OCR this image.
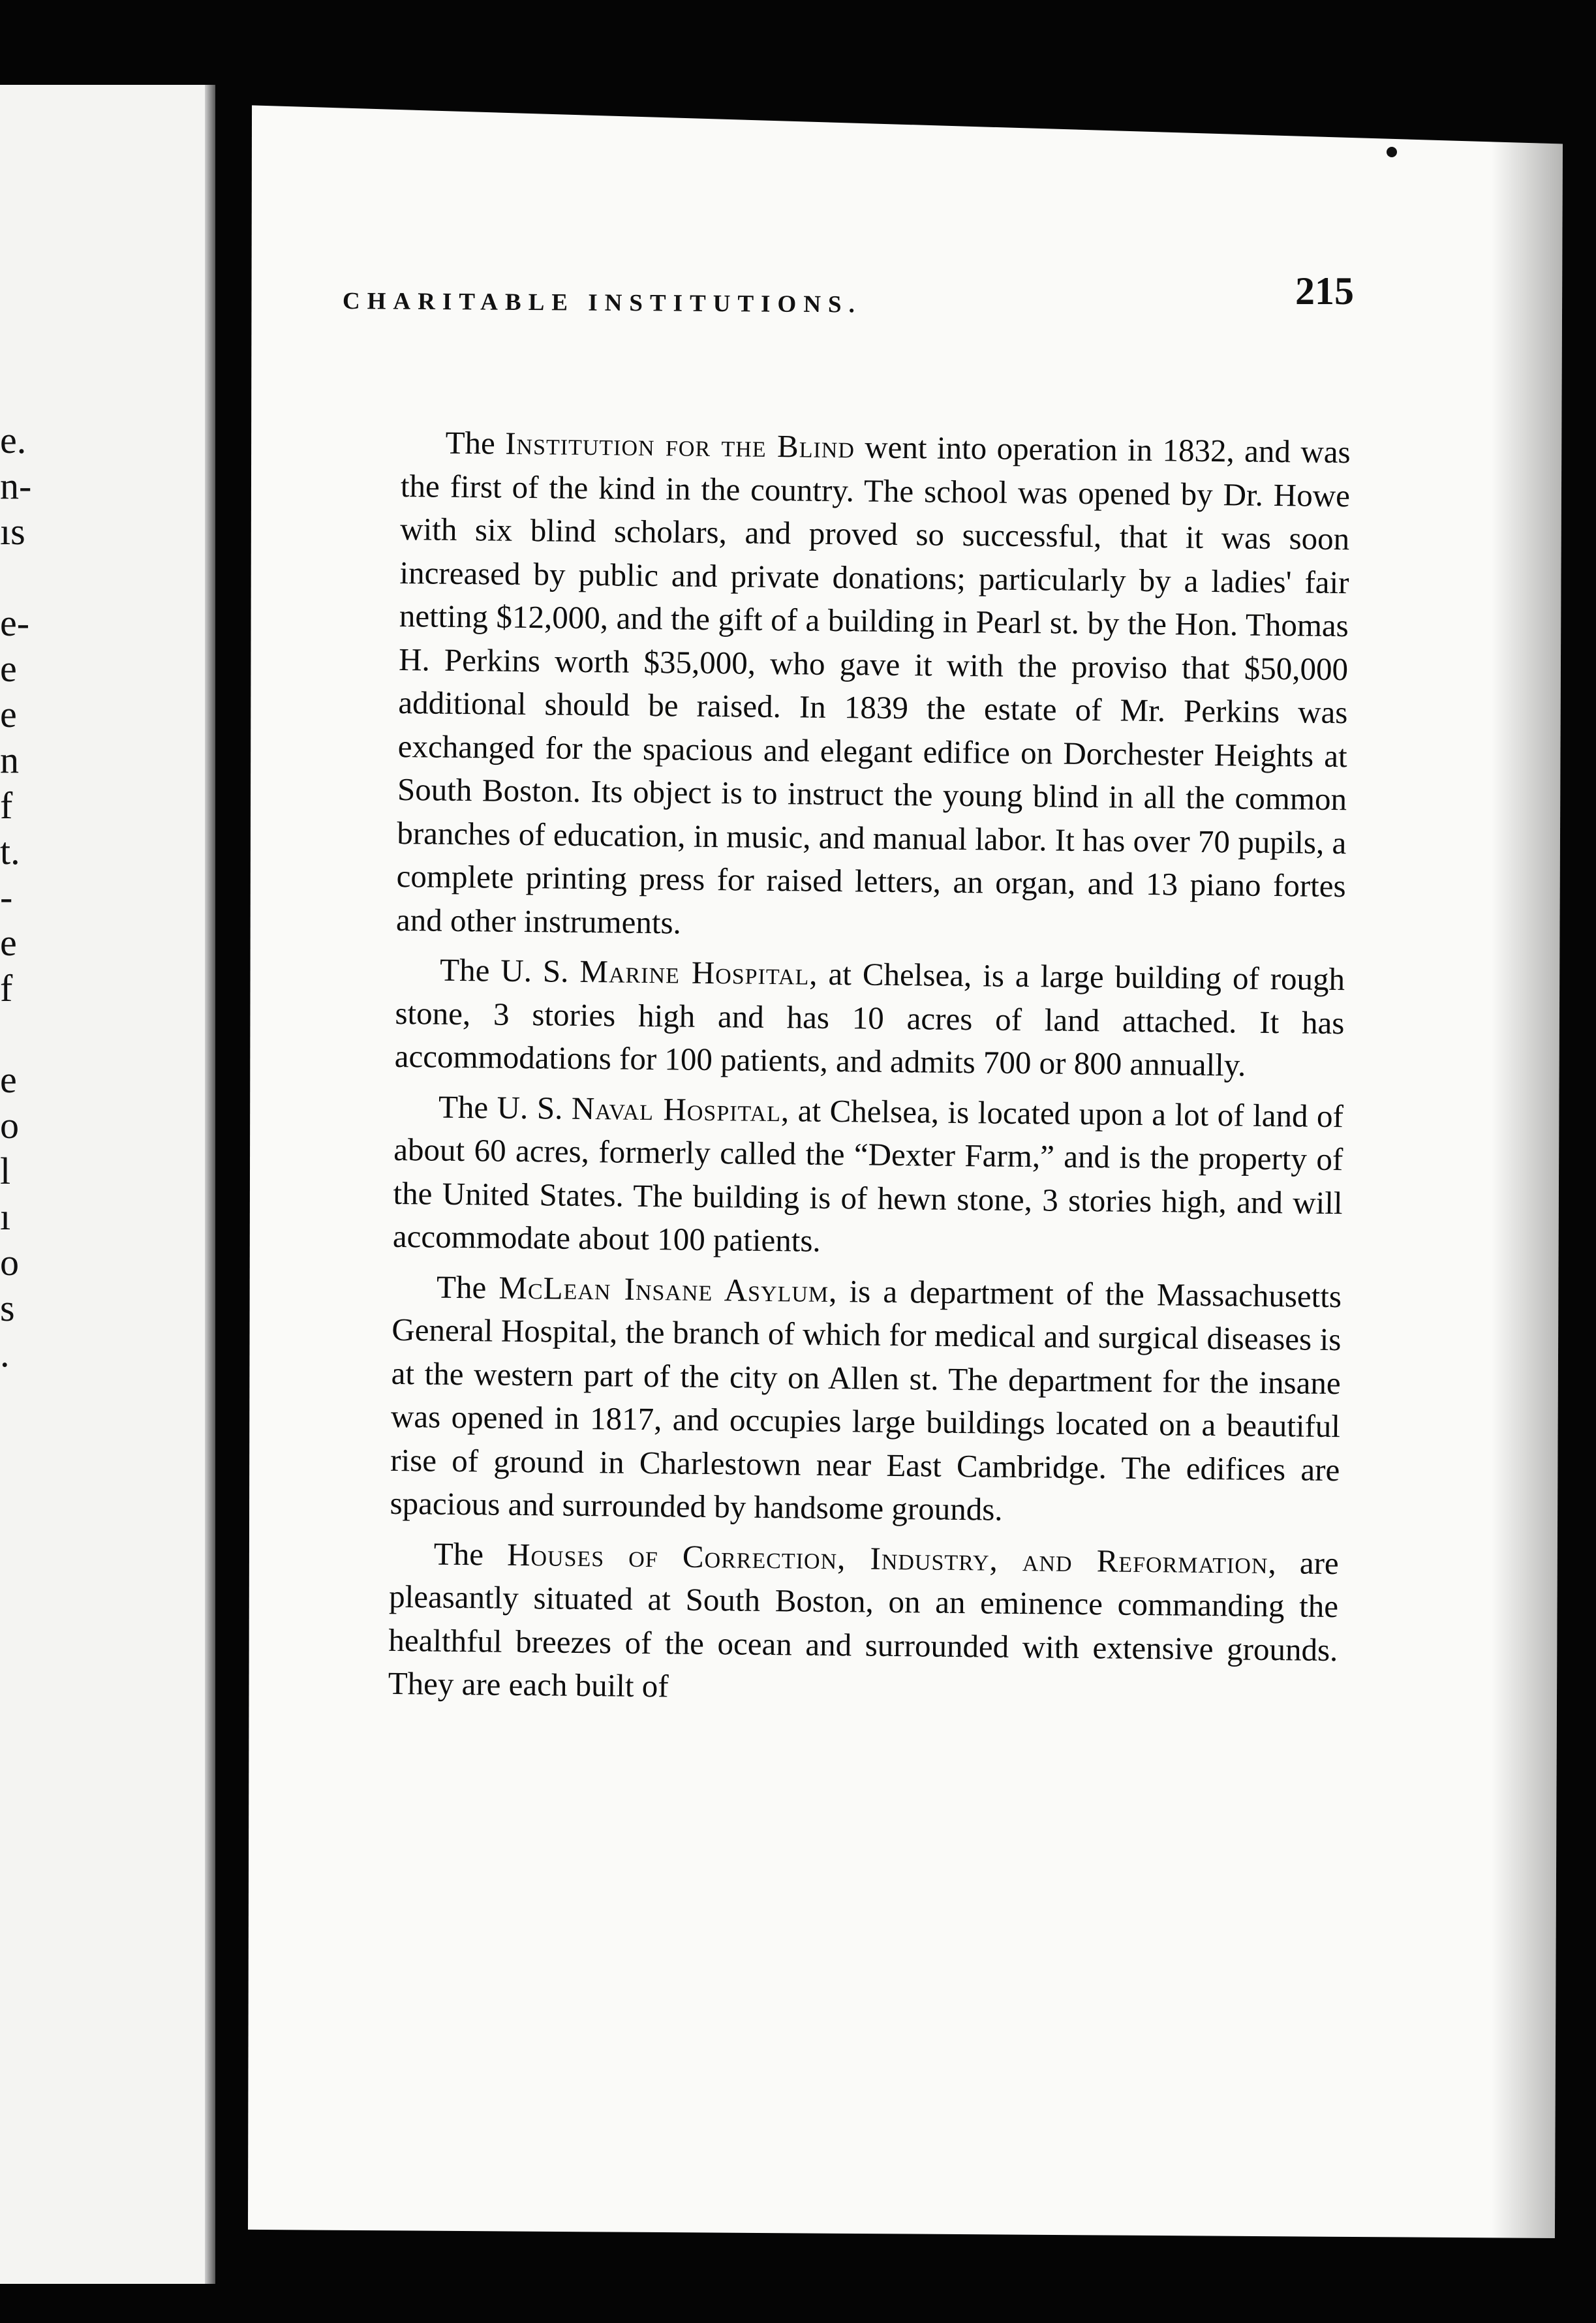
e.
n-
ıs
e-
e
e
n
f
t.
-
e
f
e
o
l
ı
o
s
.
CHARITABLE INSTITUTIONS.	215

The Institution for the Blind went into operation in 1832, and was the first of the kind in the country. The school was opened by Dr. Howe with six blind scholars, and proved so successful, that it was soon increased by public and private donations; particularly by a ladies' fair netting $12,000, and the gift of a building in Pearl st. by the Hon. Thomas H. Perkins worth $35,000, who gave it with the proviso that $50,000 additional should be raised. In 1839 the estate of Mr. Perkins was exchanged for the spacious and elegant edifice on Dorchester Heights at South Boston. Its object is to instruct the young blind in all the common branches of education, in music, and manual labor. It has over 70 pupils, a complete printing press for raised letters, an organ, and 13 piano fortes and other instruments.

The U. S. Marine Hospital, at Chelsea, is a large building of rough stone, 3 stories high and has 10 acres of land attached. It has accommodations for 100 patients, and admits 700 or 800 annually.

The U. S. Naval Hospital, at Chelsea, is located upon a lot of land of about 60 acres, formerly called the “Dexter Farm,” and is the property of the United States. The building is of hewn stone, 3 stories high, and will accommodate about 100 patients.

The McLean Insane Asylum, is a department of the Massachusetts General Hospital, the branch of which for medical and surgical diseases is at the western part of the city on Allen st. The department for the insane was opened in 1817, and occupies large buildings located on a beautiful rise of ground in Charlestown near East Cambridge. The edifices are spacious and surrounded by handsome grounds.

The Houses of Correction, Industry, and Reformation, are pleasantly situated at South Boston, on an eminence commanding the healthful breezes of the ocean and surrounded with extensive grounds. They are each built of
